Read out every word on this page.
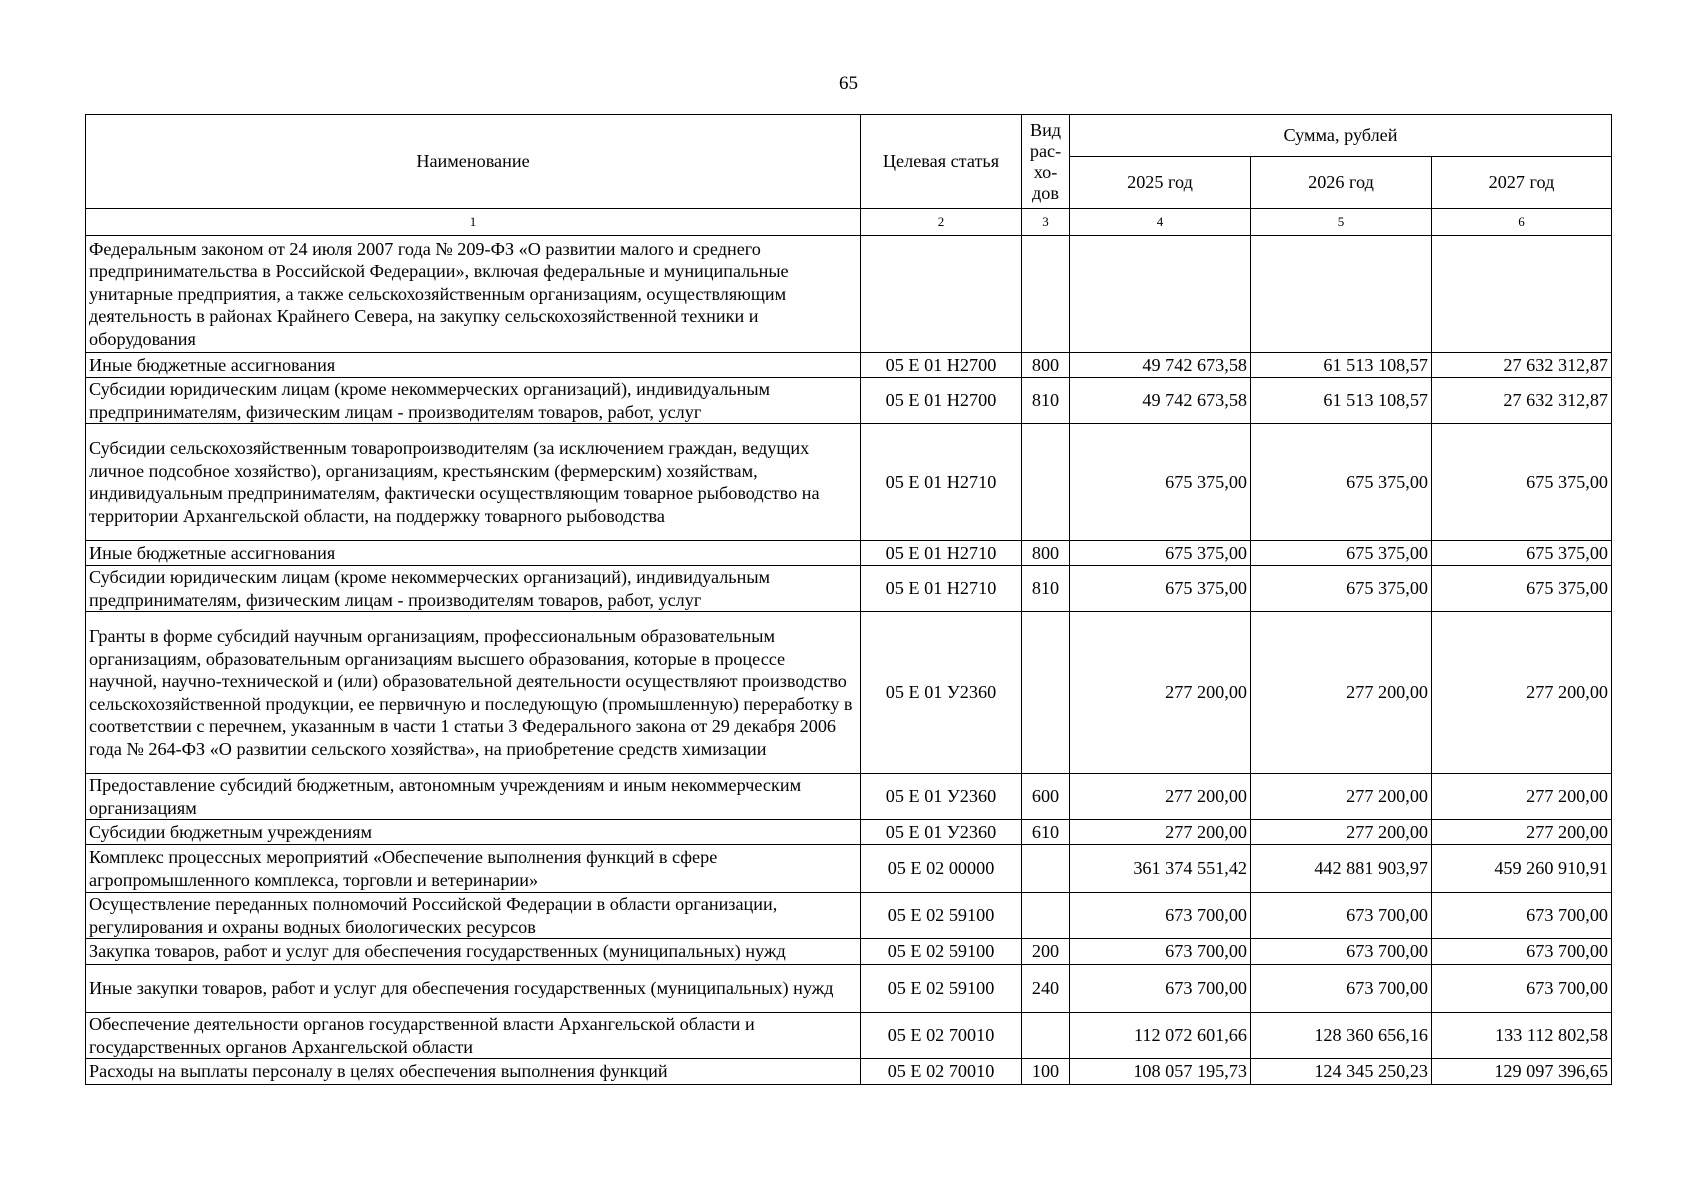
65
Наименование	Целевая статья	Вид рас-хо-дов	Сумма, рублей		
			2025 год	2026 год	2027 год
1	2	3	4	5	6
Федеральным законом от 24 июля 2007 года № 209-ФЗ «О развитии малого и среднего предпринимательства в Российской Федерации», включая федеральные и муниципальные унитарные предприятия, а также сельскохозяйственным организациям, осуществляющим деятельность в районах Крайнего Севера, на закупку сельскохозяйственной техники и оборудования					
Иные бюджетные ассигнования	05 Е 01 Н2700	800	49 742 673,58	61 513 108,57	27 632 312,87
Субсидии юридическим лицам (кроме некоммерческих организаций), индивидуальным предпринимателям, физическим лицам - производителям товаров, работ, услуг	05 Е 01 Н2700	810	49 742 673,58	61 513 108,57	27 632 312,87
Субсидии сельскохозяйственным товаропроизводителям (за исключением граждан, ведущих личное подсобное хозяйство), организациям, крестьянским (фермерским) хозяйствам, индивидуальным предпринимателям, фактически осуществляющим товарное рыбоводство на территории Архангельской области, на поддержку товарного рыбоводства	05 Е 01 Н2710		675 375,00	675 375,00	675 375,00
Иные бюджетные ассигнования	05 Е 01 Н2710	800	675 375,00	675 375,00	675 375,00
Субсидии юридическим лицам (кроме некоммерческих организаций), индивидуальным предпринимателям, физическим лицам - производителям товаров, работ, услуг	05 Е 01 Н2710	810	675 375,00	675 375,00	675 375,00
Гранты в форме субсидий научным организациям, профессиональным образовательным организациям, образовательным организациям высшего образования, которые в процессе научной, научно-технической и (или) образовательной деятельности осуществляют производство сельскохозяйственной продукции, ее первичную и последующую (промышленную) переработку в соответствии с перечнем, указанным в части 1 статьи 3 Федерального закона от 29 декабря 2006 года № 264-ФЗ «О развитии сельского хозяйства», на приобретение средств химизации	05 Е 01 У2360		277 200,00	277 200,00	277 200,00
Предоставление субсидий бюджетным, автономным учреждениям и иным некоммерческим организациям	05 Е 01 У2360	600	277 200,00	277 200,00	277 200,00
Субсидии бюджетным учреждениям	05 Е 01 У2360	610	277 200,00	277 200,00	277 200,00
Комплекс процессных мероприятий «Обеспечение выполнения функций в сфере агропромышленного комплекса, торговли и ветеринарии»	05 Е 02 00000		361 374 551,42	442 881 903,97	459 260 910,91
Осуществление переданных полномочий Российской Федерации в области организации, регулирования и охраны водных биологических ресурсов	05 Е 02 59100		673 700,00	673 700,00	673 700,00
Закупка товаров, работ и услуг для обеспечения государственных (муниципальных) нужд	05 Е 02 59100	200	673 700,00	673 700,00	673 700,00
Иные закупки товаров, работ и услуг для обеспечения государственных (муниципальных) нужд	05 Е 02 59100	240	673 700,00	673 700,00	673 700,00
Обеспечение деятельности органов государственной власти Архангельской области и государственных органов Архангельской области	05 Е 02 70010		112 072 601,66	128 360 656,16	133 112 802,58
Расходы на выплаты персоналу в целях обеспечения выполнения функций	05 Е 02 70010	100	108 057 195,73	124 345 250,23	129 097 396,65
